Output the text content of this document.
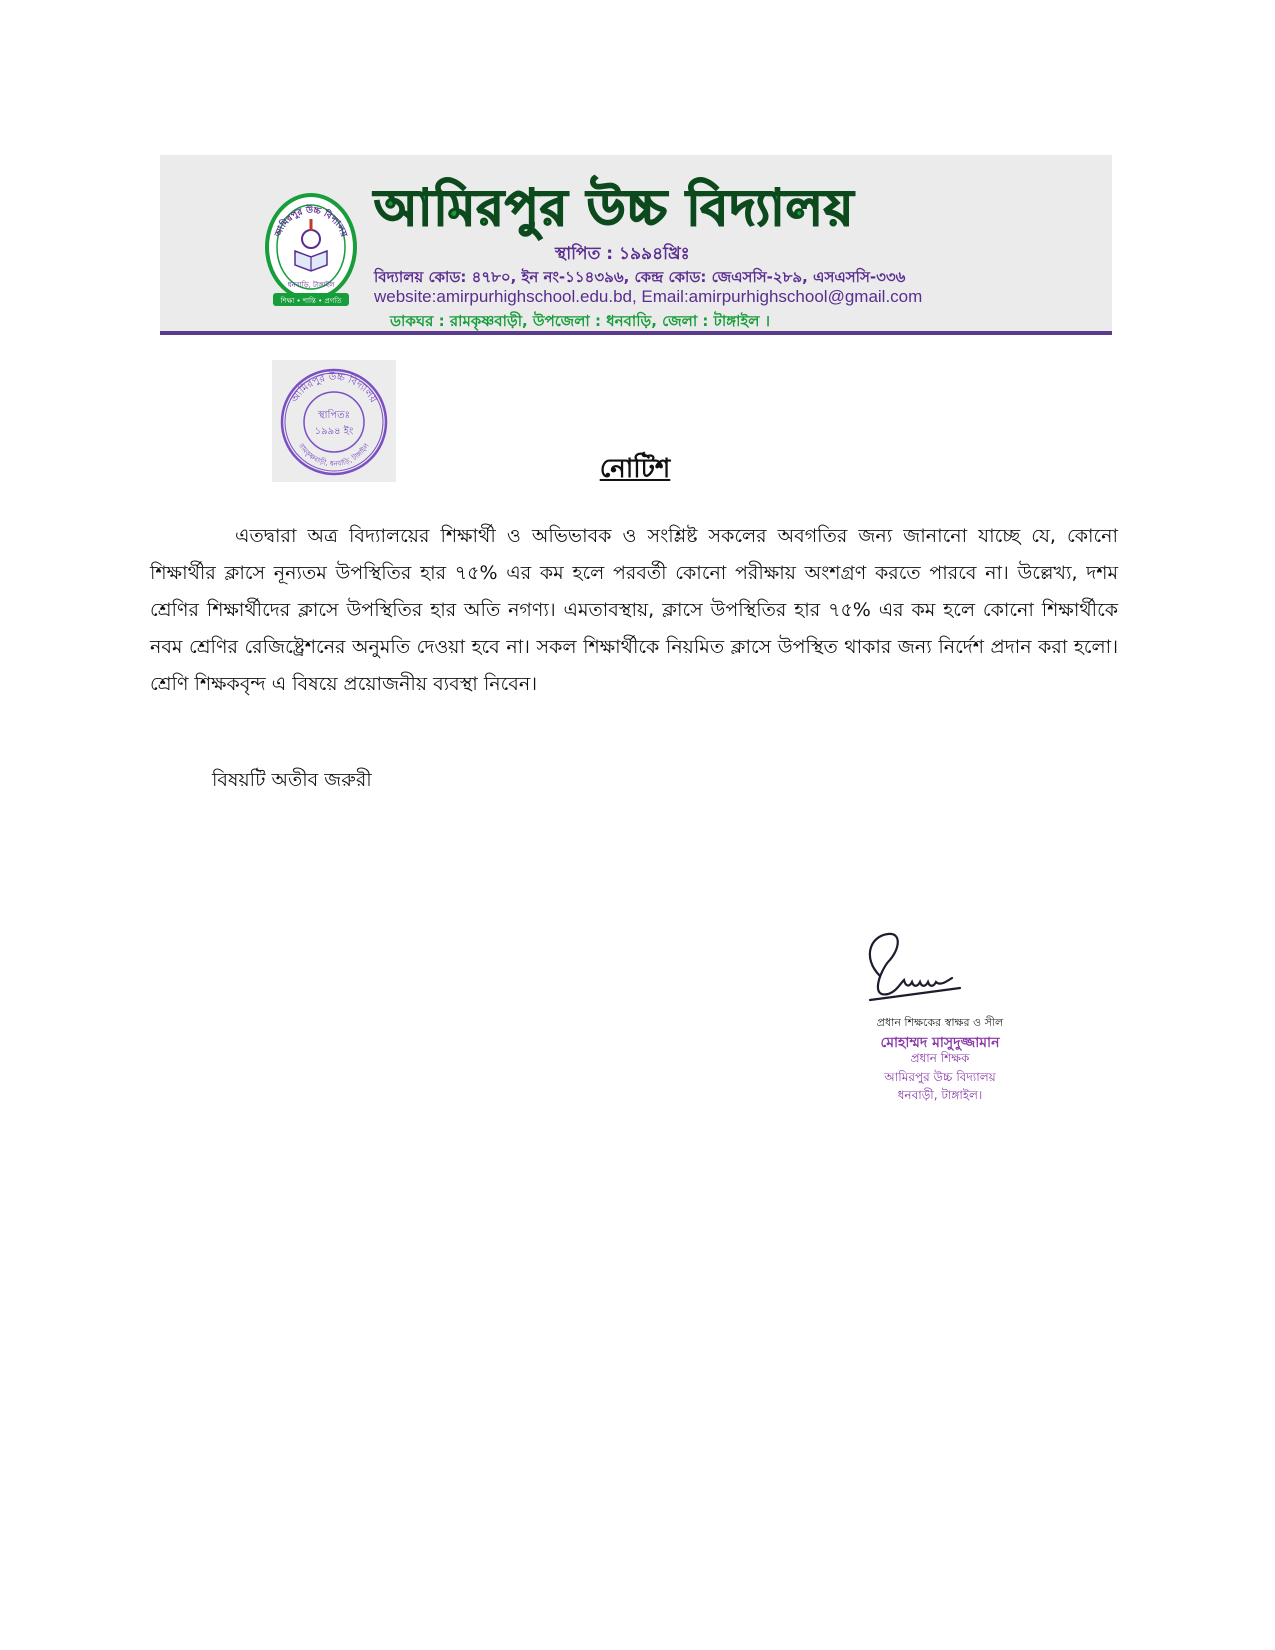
আমিরপুর উচ্চ বিদ্যালয়
ধনবাড়ি, টাঙ্গাইল
শিক্ষা • শান্তি • প্রগতি
আমিরপুর উচ্চ বিদ্যালয়
স্থাপিত : ১৯৯৪খ্রিঃ
বিদ্যালয় কোড: ৪৭৮০, ইন নং-১১৪৩৯৬, কেন্দ্র কোড: জেএসসি-২৮৯, এসএসসি-৩৩৬
website:amirpurhighschool.edu.bd, Email:amirpurhighschool@gmail.com
ডাকঘর : রামকৃষ্ণবাড়ী, উপজেলা : ধনবাড়ি, জেলা : টাঙ্গাইল ।
আমিরপুর উচ্চ বিদ্যালয়
রামকৃষ্ণবাড়ী, ধনবাড়ি, টাঙ্গাইল
স্থাপিতঃ
১৯৯৪ ইং
নোটিশ
এতদ্বারা অত্র বিদ্যালয়ের শিক্ষার্থী ও অভিভাবক ও সংশ্লিষ্ট সকলের অবগতির জন্য জানানো যাচ্ছে যে, কোনো শিক্ষার্থীর ক্লাসে নূন্যতম উপস্থিতির হার ৭৫% এর কম হলে পরবর্তী কোনো পরীক্ষায় অংশগ্রণ করতে পারবে না। উল্লেখ্য, দশম শ্রেণির শিক্ষার্থীদের ক্লাসে উপস্থিতির হার অতি নগণ্য। এমতাবস্থায়, ক্লাসে উপস্থিতির হার ৭৫% এর কম হলে কোনো শিক্ষার্থীকে নবম শ্রেণির রেজিষ্ট্রেশনের অনুমতি দেওয়া হবে না। সকল শিক্ষার্থীকে নিয়মিত ক্লাসে উপস্থিত থাকার জন্য নির্দেশ প্রদান করা হলো। শ্রেণি শিক্ষকবৃন্দ এ বিষয়ে প্রয়োজনীয় ব্যবস্থা নিবেন।
বিষয়টি অতীব জরুরী
প্রধান শিক্ষকের স্বাক্ষর ও সীল
মোহাম্মদ মাসুদুজ্জামান
প্রধান শিক্ষক
আমিরপুর উচ্চ বিদ্যালয়
ধনবাড়ী, টাঙ্গাইল।
